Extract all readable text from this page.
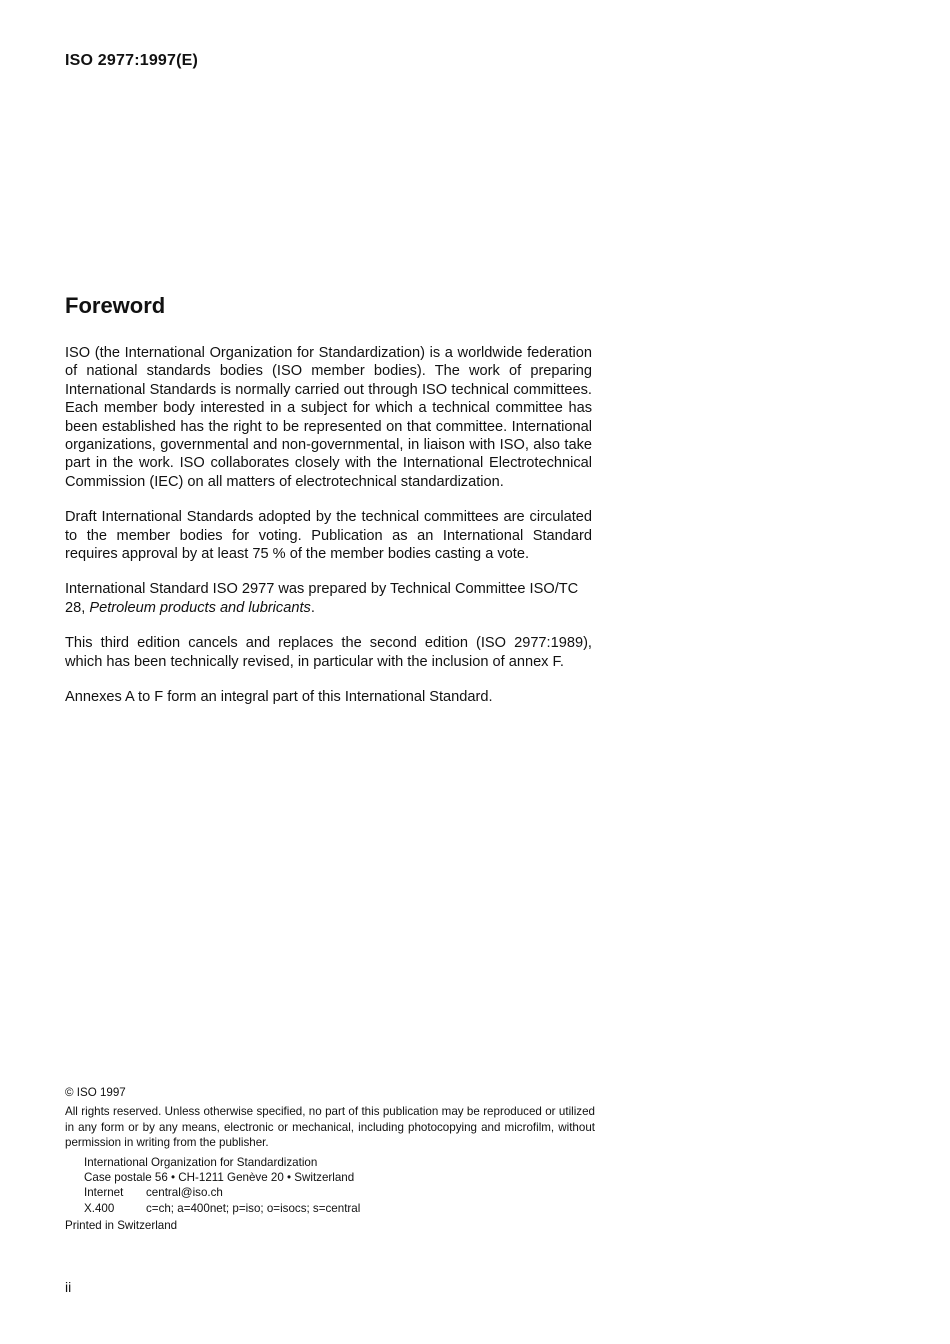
ISO 2977:1997(E)
Foreword

ISO (the International Organization for Standardization) is a worldwide federation of national standards bodies (ISO member bodies). The work of preparing International Standards is normally carried out through ISO technical committees. Each member body interested in a subject for which a technical committee has been established has the right to be represented on that committee. International organizations, governmental and non-governmental, in liaison with ISO, also take part in the work. ISO collaborates closely with the International Electrotechnical Commission (IEC) on all matters of electrotechnical standardization.

Draft International Standards adopted by the technical committees are circulated to the member bodies for voting. Publication as an International Standard requires approval by at least 75 % of the member bodies casting a vote.

International Standard ISO 2977 was prepared by Technical Committee ISO/TC 28, Petroleum products and lubricants.

This third edition cancels and replaces the second edition (ISO 2977:1989), which has been technically revised, in particular with the inclusion of annex F.

Annexes A to F form an integral part of this International Standard.

© ISO 1997
All rights reserved. Unless otherwise specified, no part of this publication may be reproduced or utilized in any form or by any means, electronic or mechanical, including photocopying and microfilm, without permission in writing from the publisher.
International Organization for Standardization
Case postale 56 • CH-1211 Genève 20 • Switzerland
Internet	central@iso.ch
X.400	c=ch; a=400net; p=iso; o=isocs; s=central
Printed in Switzerland
ii
